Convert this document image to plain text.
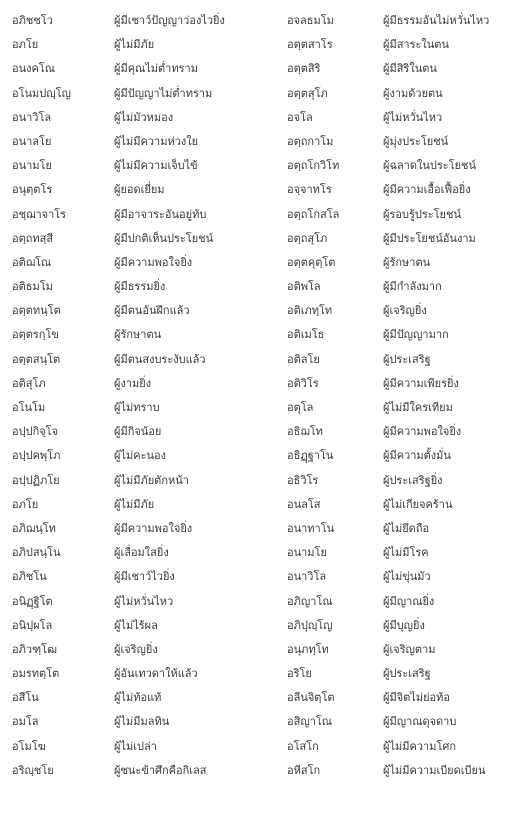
อภิชชโว	ผู้มีเชาว์ปัญญาว่องไวยิ่ง	อจลธมโม	ผู้มีธรรมอันไม่หวั่นไหว
อภโย	ผู้ไม่มีภัย	อตฺตสาโร	ผู้มีสาระในตน
อนงคโณ	ผู้มีคุณไม่ต่ำทราม	อตฺตสิริ	ผู้มีสิริในตน
อโนมปญฺโญ	ผู้มีปัญญาไม่ต่ำทราม	อตฺตสุโภ	ผู้งามด้วยตน
อนาวิโล	ผู้ไม่มัวหมอง	อจโล	ผู้ไม่หวั่นไหว
อนาลโย	ผู้ไม่มีความห่วงใย	อตฺถกาโม	ผู้มุ่งประโยชน์
อนามโย	ผู้ไม่มีความเจ็บไข้	อตฺถโกวิโท	ผู้ฉลาดในประโยชน์
อนุตฺตโร	ผู้ยอดเยี่ยม	อจฺจาทโร	ผู้มีความเอื้อเฟื้อยิ่ง
อชฺฌาจาโร	ผู้มีอาจาระอันอยู่ทับ	อตฺถโกสโล	ผู้รอบรู้ประโยชน์
อตฺถทสฺสี	ผู้มีปกติเห็นประโยชน์	อตฺถสุโภ	ผู้มีประโยชน์อันงาม
อติฌโณ	ผู้มีความพอใจยิ่ง	อตฺตคุตฺโต	ผู้รักษาตน
อติธมโม	ผู้มีธรรมยิ่ง	อติพโล	ผู้มีกำลังมาก
อตฺตทนฺโต	ผู้มีตนอันฝึกแล้ว	อติเภทฺโท	ผู้เจริญยิ่ง
อตฺตรกฺโข	ผู้รักษาตน	อติเมโธ	ผู้มีปัญญามาก
อตฺตสนฺโต	ผู้มีตนสงบระงับแล้ว	อติลโย	ผู้ประเสริฐ
อติสุโภ	ผู้งามยิ่ง	อติวิโร	ผู้มีความเพียรยิ่ง
อโนโม	ผู้ไม่ทราบ	อตุโล	ผู้ไม่มีใครเทียม
อปฺปกิจฺโจ	ผู้มีกิจน้อย	อธิฌโท	ผู้มีความพอใจยิ่ง
อปฺปคพฺโภ	ผู้ไม่คะนอง	อธิฏฺฐาโน	ผู้มีความตั้งมั่น
อปฺปฏิภโย	ผู้ไม่มีภัยตักหน้า	อธิวิโร	ผู้ประเสริฐยิ่ง
อภโย	ผู้ไม่มีภัย	อนลโส	ผู้ไม่เกียจคร้าน
อภิฌนฺโท	ผู้มีความพอใจยิ่ง	อนาทาโน	ผู้ไม่ยึดถือ
อภิปสนฺโน	ผู้เลื่อมใสยิ่ง	อนามโย	ผู้ไม่มีโรค
อภิชโน	ผู้มีเชาว์ไวยิ่ง	อนาวิโล	ผู้ไม่ขุ่นมัว
อนิฏฺฐิโต	ผู้ไม่หวั่นไหว	อภิญาโณ	ผู้มีญาณยิ่ง
อนิปฺผโล	ผู้ไม่ไร้ผล	อภิปุญฺโญ	ผู้มีบุญยิ่ง
อภิวฑฺโฒ	ผู้เจริญยิ่ง	อนุภทฺโท	ผู้เจริญตาม
อมรทตฺโต	ผู้อันเทวดาให้แล้ว	อริโย	ผู้ประเสริฐ
อสีโน	ผู้ไม่ท้อแท้	อลีนจิตฺโต	ผู้มีจิตไม่ย่อท้อ
อมโล	ผู้ไม่มีมลทิน	อสิญาโณ	ผู้มีญาณดุจดาบ
อโมโฆ	ผู้ไม่เปล่า	อโสโก	ผู้ไม่มีความโศก
อริญฺชโย	ผู้ชนะข้าศึกคือกิเลส	อหีสโก	ผู้ไม่มีความเบียดเบียน
